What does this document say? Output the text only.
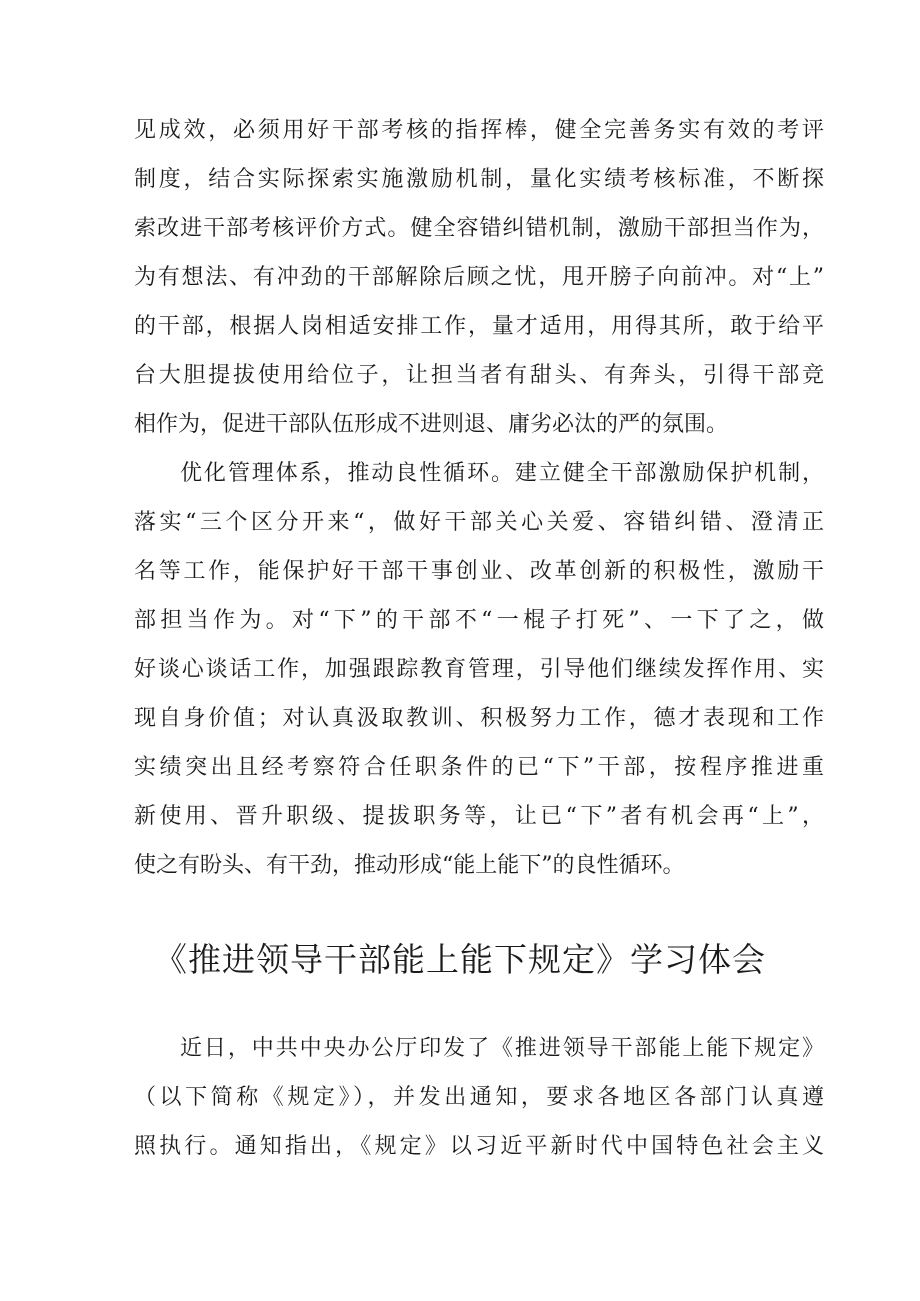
见成效，必须用好干部考核的指挥棒，健全完善务实有效的考评
制度，结合实际探索实施激励机制，量化实绩考核标准，不断探
索改进干部考核评价方式。健全容错纠错机制，激励干部担当作为，
为有想法、有冲劲的干部解除后顾之忧，甩开膀子向前冲。对“上”
的干部，根据人岗相适安排工作，量才适用，用得其所，敢于给平
台大胆提拔使用给位子，让担当者有甜头、有奔头，引得干部竞
相作为，促进干部队伍形成不进则退、庸劣必汰的严的氛围。
优化管理体系，推动良性循环。建立健全干部激励保护机制，
落实“三个区分开来“，做好干部关心关爱、容错纠错、澄清正
名等工作，能保护好干部干事创业、改革创新的积极性，激励干
部担当作为。对“下”的干部不“一棍子打死”、一下了之，做
好谈心谈话工作，加强跟踪教育管理，引导他们继续发挥作用、实
现自身价值；对认真汲取教训、积极努力工作，德才表现和工作
实绩突出且经考察符合任职条件的已“下”干部，按程序推进重
新使用、晋升职级、提拔职务等，让已“下”者有机会再“上”，
使之有盼头、有干劲，推动形成“能上能下”的良性循环。
《推进领导干部能上能下规定》学习体会
近日，中共中央办公厅印发了《推进领导干部能上能下规定》
（以下简称《规定》），并发出通知，要求各地区各部门认真遵
照执行。通知指出，《规定》以习近平新时代中国特色社会主义
